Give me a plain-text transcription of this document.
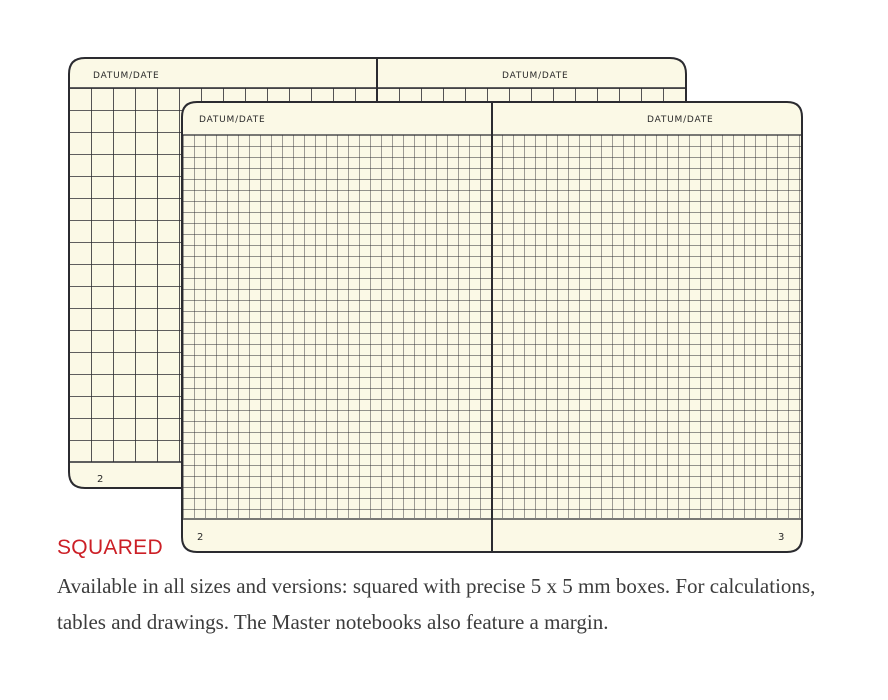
DATUM/DATE	DATUM/DATE
2
DATUM/DATE	DATUM/DATE
2	3
SQUARED

Available in all sizes and versions: squared with precise 5 x 5 mm boxes. For calculations, tables and drawings. The Master notebooks also feature a margin.
